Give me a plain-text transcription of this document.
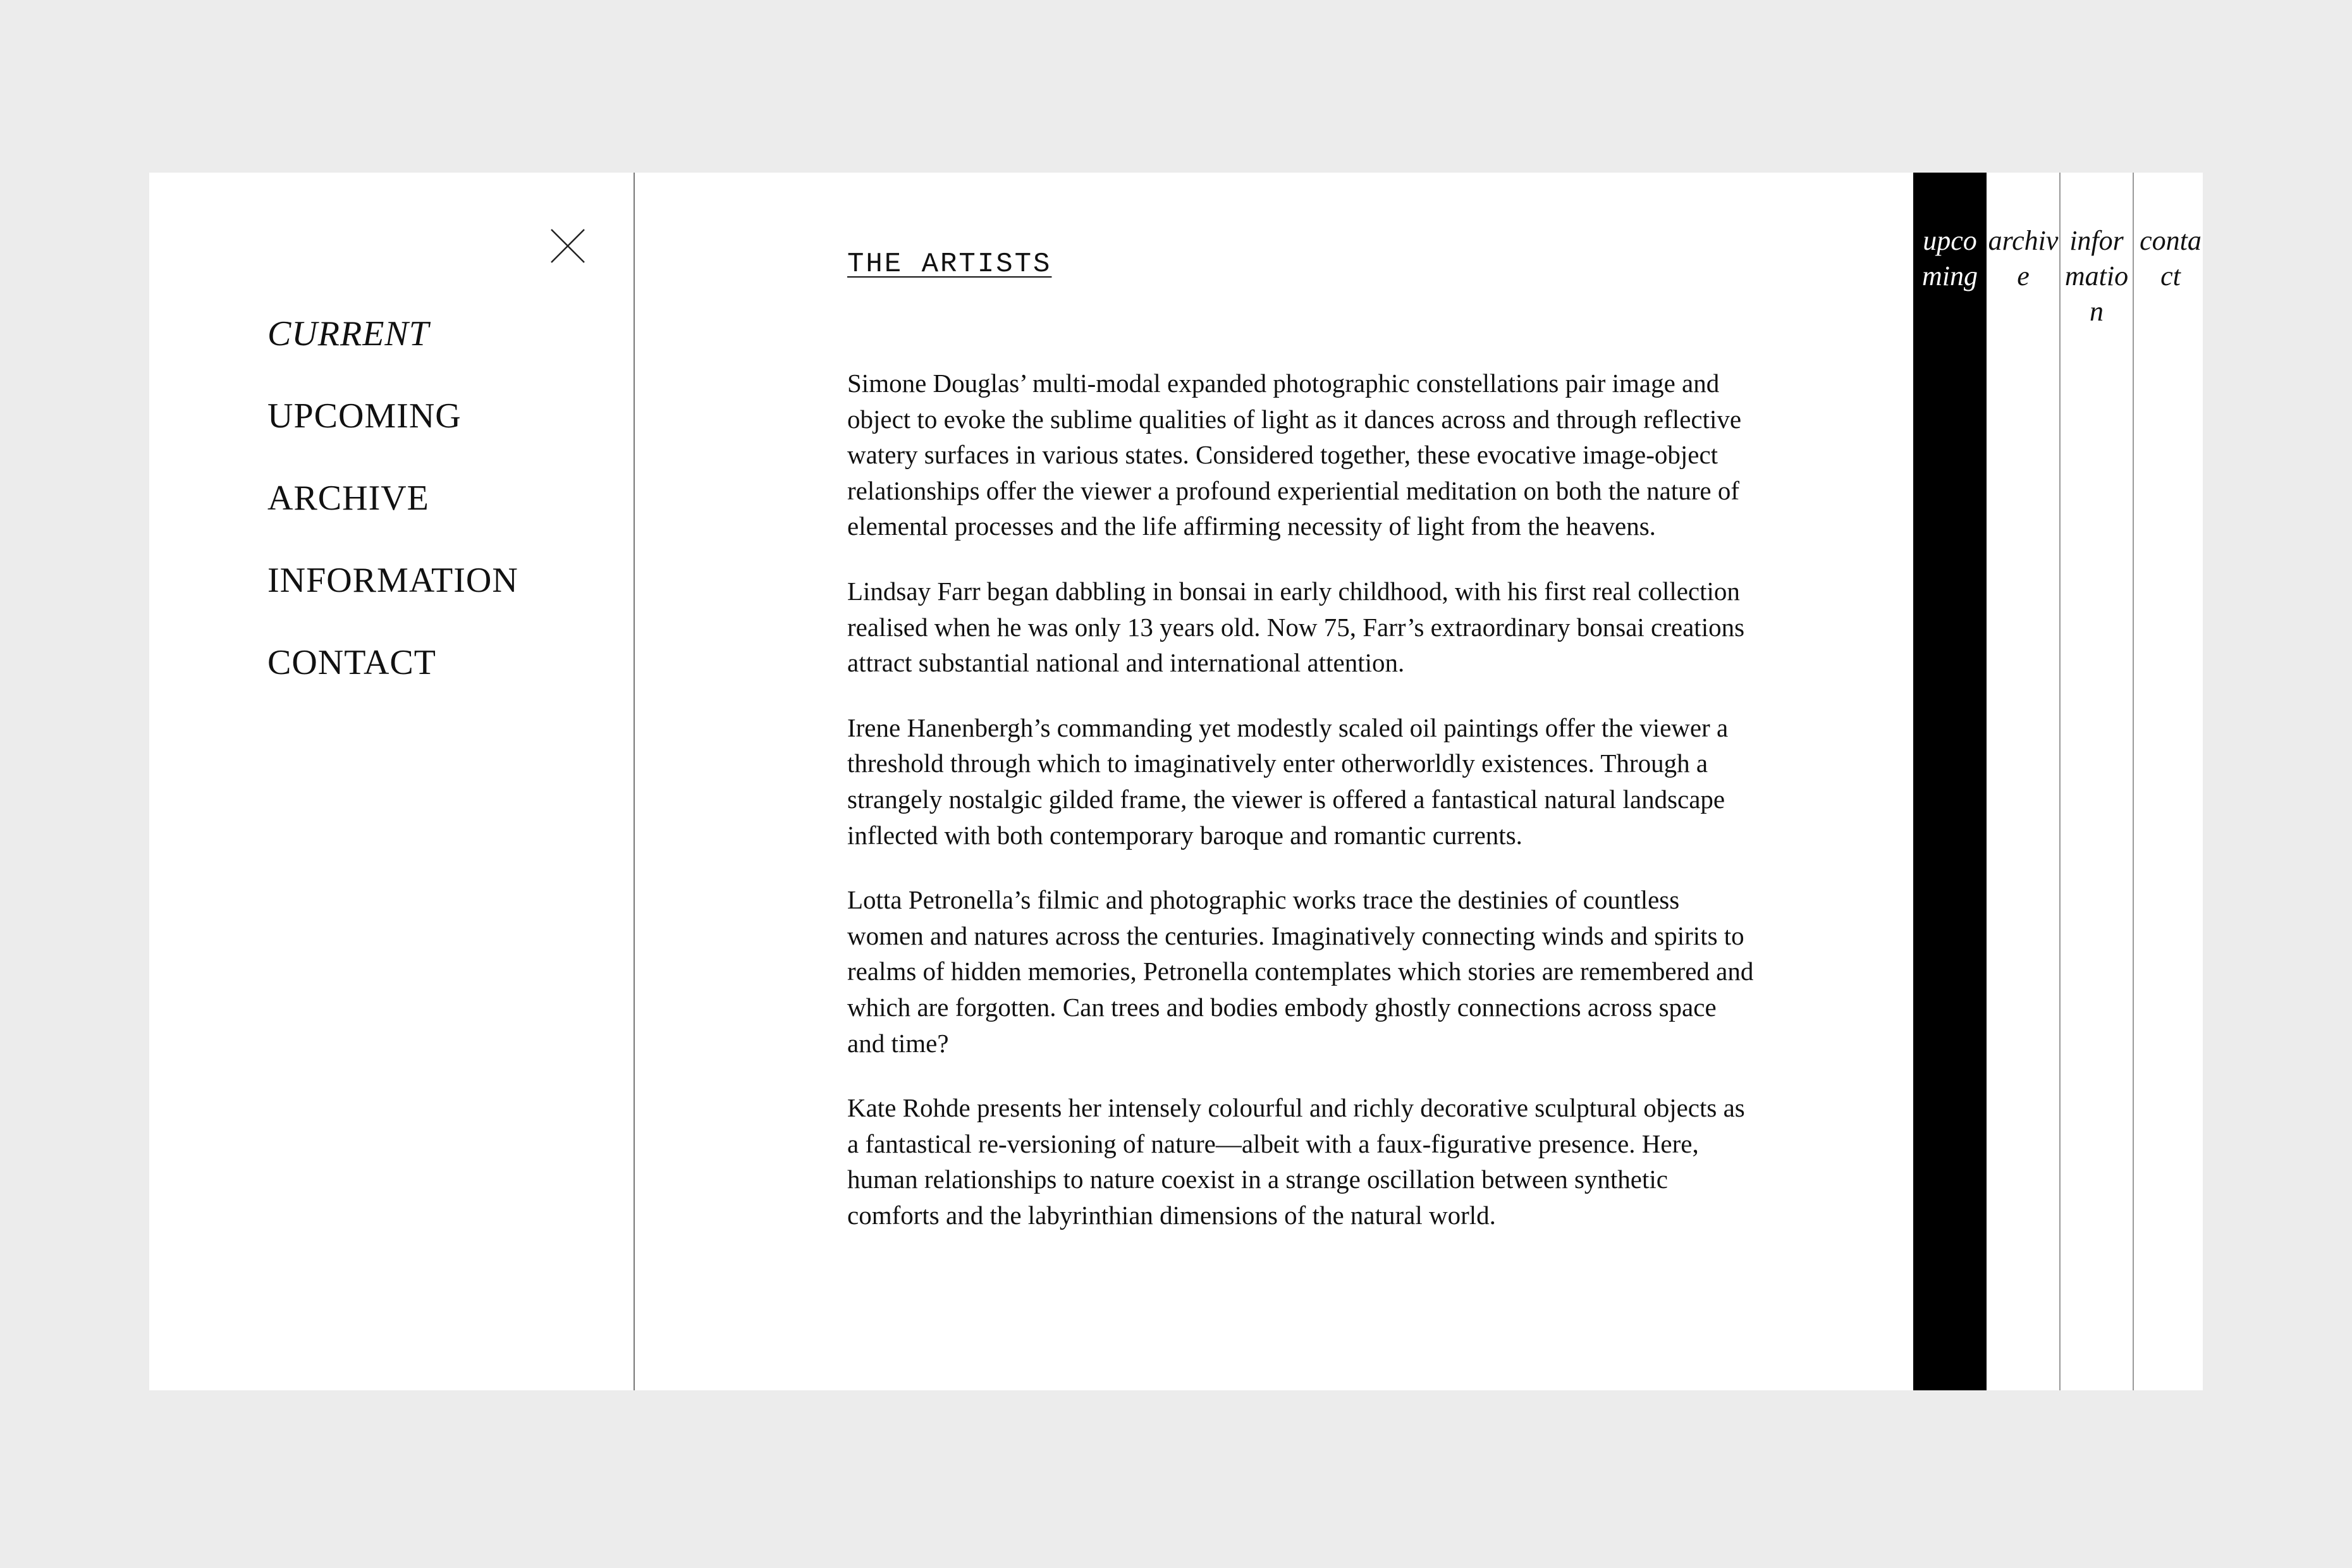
CURRENT
UPCOMING
ARCHIVE
INFORMATION
CONTACT
THE ARTISTS

Simone Douglas’ multi-modal expanded photographic constellations pair image and object to evoke the sublime qualities of light as it dances across and through reflective watery surfaces in various states. Considered together, these evocative image-object relationships offer the viewer a profound experiential meditation on both the nature of elemental processes and the life affirming necessity of light from the heavens.

Lindsay Farr began dabbling in bonsai in early childhood, with his first real collection realised when he was only 13 years old. Now 75, Farr’s extraordinary bonsai creations attract substantial national and international attention.

Irene Hanenbergh’s commanding yet modestly scaled oil paintings offer the viewer a threshold through which to imaginatively enter otherworldly existences. Through a strangely nostalgic gilded frame, the viewer is offered a fantastical natural landscape inflected with both contemporary baroque and romantic currents.

Lotta Petronella’s filmic and photographic works trace the destinies of countless women and natures across the centuries. Imaginatively connecting winds and spirits to realms of hidden memories, Petronella contemplates which stories are remembered and which are forgotten. Can trees and bodies embody ghostly connections across space and time?

Kate Rohde presents her intensely colourful and richly decorative sculptural objects as a fantastical re-versioning of nature—albeit with a faux-figurative presence. Here, human relationships to nature coexist in a strange oscillation between synthetic comforts and the labyrinthian dimensions of the natural world.

upcoming
archive
information
contact
